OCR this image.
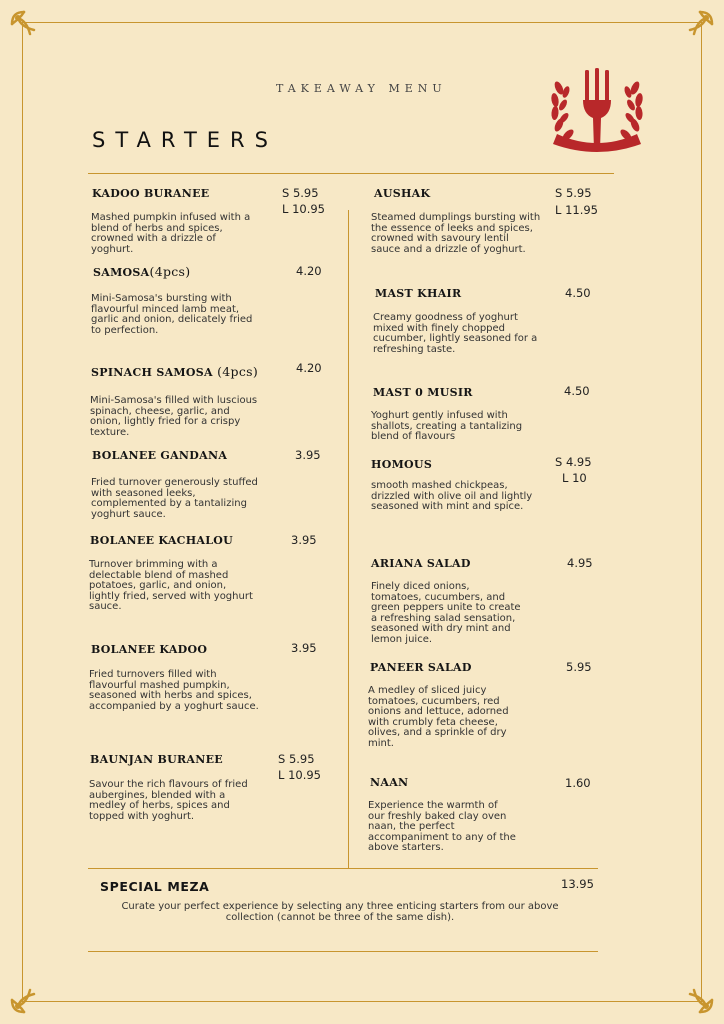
TAKEAWAY MENU
STARTERS
KADOO BURANEE	S 5.95
L 10.95
Mashed pumpkin infused with a blend of herbs and spices, crowned with a drizzle of yoghurt.
SAMOSA(4pcs)	4.20
Mini-Samosa's bursting with flavourful minced lamb meat, garlic and onion, delicately fried to perfection.
SPINACH SAMOSA (4pcs)	4.20
Mini-Samosa's filled with luscious spinach, cheese, garlic, and onion, lightly fried for a crispy texture.
BOLANEE GANDANA	3.95
Fried turnover generously stuffed with seasoned leeks, complemented by a tantalizing yoghurt sauce.
BOLANEE KACHALOU	3.95
Turnover brimming with a delectable blend of mashed potatoes, garlic, and onion, lightly fried, served with yoghurt sauce.
BOLANEE KADOO	3.95
Fried turnovers filled with flavourful mashed pumpkin, seasoned with herbs and spices, accompanied by a yoghurt sauce.
BAUNJAN BURANEE	S 5.95
L 10.95
Savour the rich flavours of fried aubergines, blended with a medley of herbs, spices and topped with yoghurt.
AUSHAK	S 5.95
L 11.95
Steamed dumplings bursting with the essence of leeks and spices, crowned with savoury lentil sauce and a drizzle of yoghurt.
MAST KHAIR	4.50
Creamy goodness of yoghurt mixed with finely chopped cucumber, lightly seasoned for a refreshing taste.
MAST 0 MUSIR	4.50
Yoghurt gently infused with shallots, creating a tantalizing blend of flavours
HOMOUS	S 4.95
L 10
smooth mashed chickpeas, drizzled with olive oil and lightly seasoned with mint and spice.
ARIANA SALAD	4.95
Finely diced onions, tomatoes, cucumbers, and green peppers unite to create a refreshing salad sensation, seasoned with dry mint and lemon juice.
PANEER SALAD	5.95
A medley of sliced juicy tomatoes, cucumbers, red onions and lettuce, adorned with crumbly feta cheese, olives, and a sprinkle of dry mint.
NAAN	1.60
Experience the warmth of our freshly baked clay oven naan, the perfect accompaniment to any of the above starters.
SPECIAL MEZA	13.95
Curate your perfect experience by selecting any three enticing starters from our above collection (cannot be three of the same dish).
